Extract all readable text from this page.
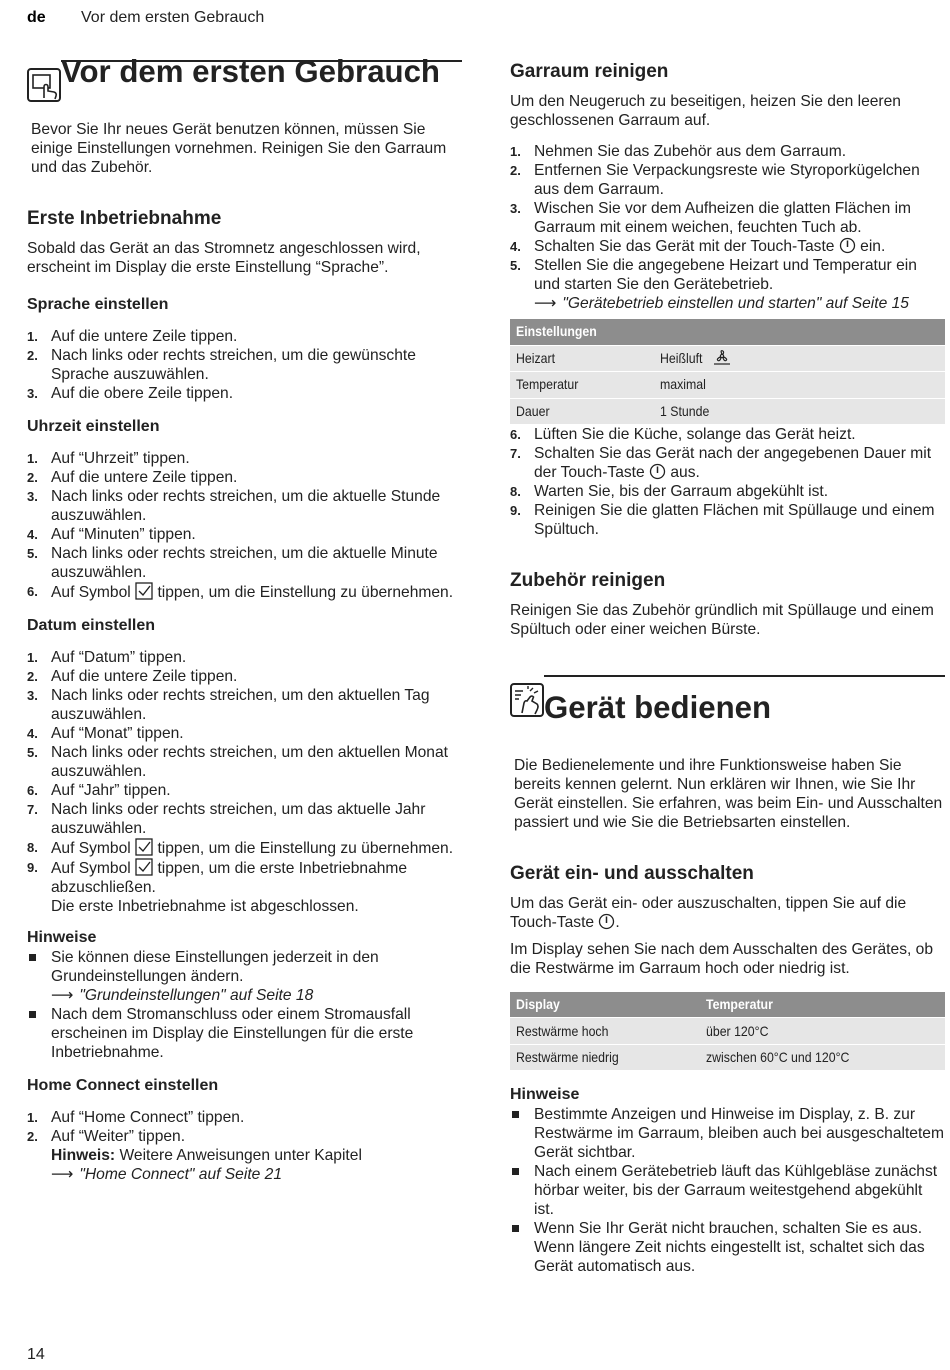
de Vor dem ersten Gebrauch
Vor dem ersten Gebrauch

Bevor Sie Ihr neues Gerät benutzen können, müssen Sie einige Einstellungen vornehmen. Reinigen Sie den Garraum und das Zubehör.

Erste Inbetriebnahme

Sobald das Gerät an das Stromnetz angeschlossen wird, erscheint im Display die erste Einstellung “Sprache”.

Sprache einstellen
1. Auf die untere Zeile tippen.
2. Nach links oder rechts streichen, um die gewünschte Sprache auszuwählen.
3. Auf die obere Zeile tippen.
Uhrzeit einstellen
1. Auf “Uhrzeit” tippen.
2. Auf die untere Zeile tippen.
3. Nach links oder rechts streichen, um die aktuelle Stunde auszuwählen.
4. Auf “Minuten” tippen.
5. Nach links oder rechts streichen, um die aktuelle Minute auszuwählen.
6. Auf Symbol tippen, um die Einstellung zu übernehmen.
Datum einstellen
1. Auf “Datum” tippen.
2. Auf die untere Zeile tippen.
3. Nach links oder rechts streichen, um den aktuellen Tag auszuwählen.
4. Auf “Monat” tippen.
5. Nach links oder rechts streichen, um den aktuellen Monat auszuwählen.
6. Auf “Jahr” tippen.
7. Nach links oder rechts streichen, um das aktuelle Jahr auszuwählen.
8. Auf Symbol tippen, um die Einstellung zu übernehmen.
9. Auf Symbol tippen, um die erste Inbetriebnahme abzuschließen.
Die erste Inbetriebnahme ist abgeschlossen.
Hinweise
Sie können diese Einstellungen jederzeit in den Grundeinstellungen ändern.
⟶ "Grundeinstellungen" auf Seite 18
Nach dem Stromanschluss oder einem Stromausfall erscheinen im Display die Einstellungen für die erste Inbetriebnahme.
Home Connect einstellen
1. Auf “Home Connect” tippen.
2. Auf “Weiter” tippen.
Hinweis: Weitere Anweisungen unter Kapitel
⟶ "Home Connect" auf Seite 21
Garraum reinigen

Um den Neugeruch zu beseitigen, heizen Sie den leeren geschlossenen Garraum auf.

1. Nehmen Sie das Zubehör aus dem Garraum.
2. Entfernen Sie Verpackungsreste wie Styroporkügelchen aus dem Garraum.
3. Wischen Sie vor dem Aufheizen die glatten Flächen im Garraum mit einem weichen, feuchten Tuch ab.
4. Schalten Sie das Gerät mit der Touch-Taste ein.
5. Stellen Sie die angegebene Heizart und Temperatur ein und starten Sie den Gerätebetrieb.
⟶ "Gerätebetrieb einstellen und starten" auf Seite 15
Einstellungen	
Heizart	Heißluft
Temperatur	maximal
Dauer	1 Stunde
6. Lüften Sie die Küche, solange das Gerät heizt.
7. Schalten Sie das Gerät nach der angegebenen Dauer mit der Touch-Taste aus.
8. Warten Sie, bis der Garraum abgekühlt ist.
9. Reinigen Sie die glatten Flächen mit Spüllauge und einem Spültuch.
Zubehör reinigen

Reinigen Sie das Zubehör gründlich mit Spüllauge und einem Spültuch oder einer weichen Bürste.

Gerät bedienen

Die Bedienelemente und ihre Funktionsweise haben Sie bereits kennen gelernt. Nun erklären wir Ihnen, wie Sie Ihr Gerät einstellen. Sie erfahren, was beim Ein- und Ausschalten passiert und wie Sie die Betriebsarten einstellen.

Gerät ein- und ausschalten

Um das Gerät ein- oder auszuschalten, tippen Sie auf die Touch-Taste .

Im Display sehen Sie nach dem Ausschalten des Gerätes, ob die Restwärme im Garraum hoch oder niedrig ist.

Display	Temperatur
Restwärme hoch	über 120°C
Restwärme niedrig	zwischen 60°C und 120°C
Hinweise
Bestimmte Anzeigen und Hinweise im Display, z. B. zur Restwärme im Garraum, bleiben auch bei ausgeschaltetem Gerät sichtbar.
Nach einem Gerätebetrieb läuft das Kühlgebläse zunächst hörbar weiter, bis der Garraum weitestgehend abgekühlt ist.
Wenn Sie Ihr Gerät nicht brauchen, schalten Sie es aus. Wenn längere Zeit nichts eingestellt ist, schaltet sich das Gerät automatisch aus.
14
